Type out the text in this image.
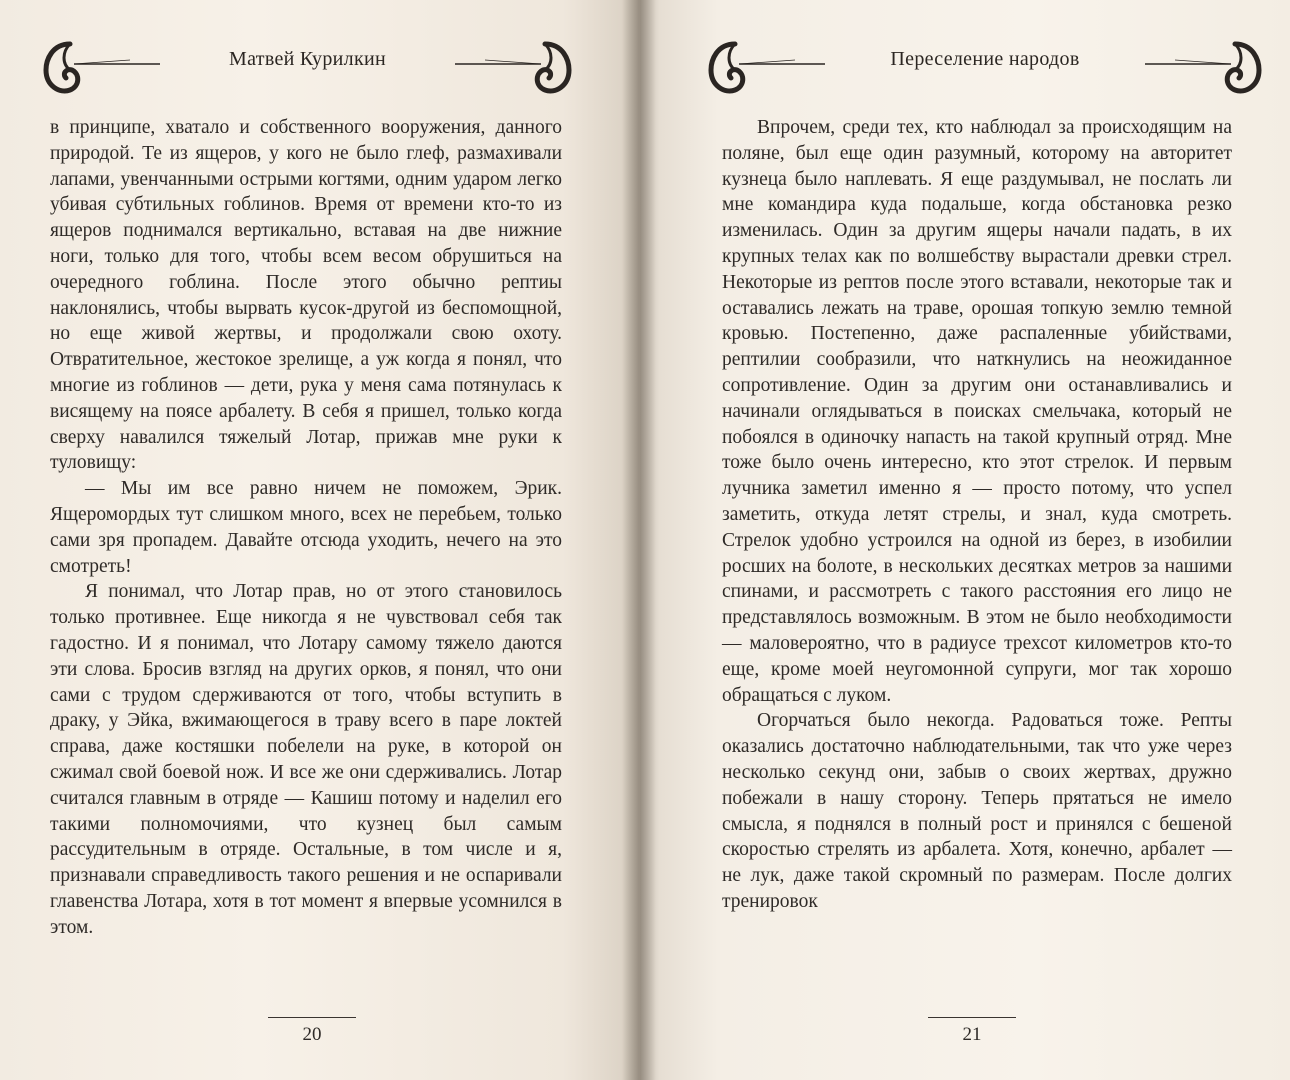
Матвей Курилкин

в принципе, хватало и собственного вооружения, данного природой. Те из ящеров, у кого не было глеф, размахивали лапами, увенчанными острыми когтями, одним ударом легко убивая субтильных гоблинов. Время от времени кто-то из ящеров поднимался вертикально, вставая на две нижние ноги, только для того, чтобы всем весом обрушиться на очередного гоблина. После этого обычно рептиы наклонялись, чтобы вырвать кусок-другой из беспомощной, но еще живой жертвы, и продолжали свою охоту. Отвратительное, жестокое зрелище, а уж когда я понял, что многие из гоблинов — дети, рука у меня сама потянулась к висящему на поясе арбалету. В себя я пришел, только когда сверху навалился тяжелый Лотар, прижав мне руки к туловищу:

— Мы им все равно ничем не поможем, Эрик. Ящеромордых тут слишком много, всех не перебьем, только сами зря пропадем. Давайте отсюда уходить, нечего на это смотреть!

Я понимал, что Лотар прав, но от этого становилось только противнее. Еще никогда я не чувствовал себя так гадостно. И я понимал, что Лотару самому тяжело даются эти слова. Бросив взгляд на других орков, я понял, что они сами с трудом сдерживаются от того, чтобы вступить в драку, у Эйка, вжимающегося в траву всего в паре локтей справа, даже костяшки побелели на руке, в которой он сжимал свой боевой нож. И все же они сдерживались. Лотар считался главным в отряде — Кашиш потому и наделил его такими полномочиями, что кузнец был самым рассудительным в отряде. Остальные, в том числе и я, признавали справедливость такого решения и не оспаривали главенства Лотара, хотя в тот момент я впервые усомнился в этом.

20
Переселение народов

Впрочем, среди тех, кто наблюдал за происходящим на поляне, был еще один разумный, которому на авторитет кузнеца было наплевать. Я еще раздумывал, не послать ли мне командира куда подальше, когда обстановка резко изменилась. Один за другим ящеры начали падать, в их крупных телах как по волшебству вырастали древки стрел. Некоторые из рептов после этого вставали, некоторые так и оставались лежать на траве, орошая топкую землю темной кровью. Постепенно, даже распаленные убийствами, рептилии сообразили, что наткнулись на неожиданное сопротивление. Один за другим они останавливались и начинали оглядываться в поисках смельчака, который не побоялся в одиночку напасть на такой крупный отряд. Мне тоже было очень интересно, кто этот стрелок. И первым лучника заметил именно я — просто потому, что успел заметить, откуда летят стрелы, и знал, куда смотреть. Стрелок удобно устроился на одной из берез, в изобилии росших на болоте, в нескольких десятках метров за нашими спинами, и рассмотреть с такого расстояния его лицо не представлялось возможным. В этом не было необходимости — маловероятно, что в радиусе трехсот километров кто-то еще, кроме моей неугомонной супруги, мог так хорошо обращаться с луком.

Огорчаться было некогда. Радоваться тоже. Репты оказались достаточно наблюдательными, так что уже через несколько секунд они, забыв о своих жертвах, дружно побежали в нашу сторону. Теперь прятаться не имело смысла, я поднялся в полный рост и принялся с бешеной скоростью стрелять из арбалета. Хотя, конечно, арбалет — не лук, даже такой скромный по размерам. После долгих тренировок

21
